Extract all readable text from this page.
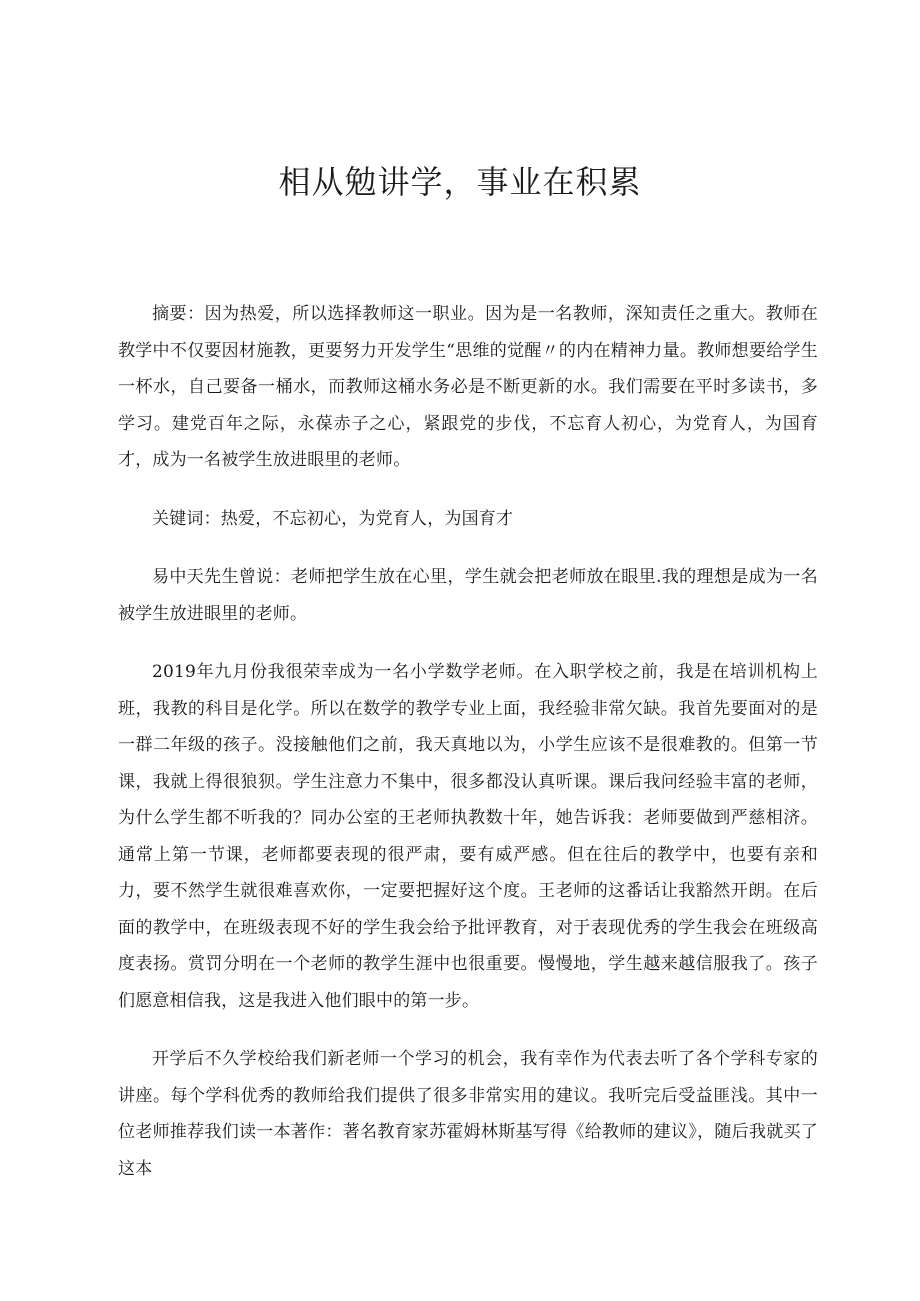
相从勉讲学，事业在积累

摘要：因为热爱，所以选择教师这一职业。因为是一名教师，深知责任之重大。教师在教学中不仅要因材施教，更要努力开发学生“思维的觉醒〃的内在精神力量。教师想要给学生一杯水，自己要备一桶水，而教师这桶水务必是不断更新的水。我们需要在平时多读书，多学习。建党百年之际，永葆赤子之心，紧跟党的步伐，不忘育人初心，为党育人，为国育才，成为一名被学生放进眼里的老师。

关键词：热爱，不忘初心，为党育人，为国育才

易中天先生曾说：老师把学生放在心里，学生就会把老师放在眼里.我的理想是成为一名被学生放进眼里的老师。

2019年九月份我很荣幸成为一名小学数学老师。在入职学校之前，我是在培训机构上班，我教的科目是化学。所以在数学的教学专业上面，我经验非常欠缺。我首先要面对的是一群二年级的孩子。没接触他们之前，我天真地以为，小学生应该不是很难教的。但第一节课，我就上得很狼狈。学生注意力不集中，很多都没认真听课。课后我问经验丰富的老师，为什么学生都不听我的？同办公室的王老师执教数十年，她告诉我：老师要做到严慈相济。通常上第一节课，老师都要表现的很严肃，要有威严感。但在往后的教学中，也要有亲和力，要不然学生就很难喜欢你，一定要把握好这个度。王老师的这番话让我豁然开朗。在后面的教学中，在班级表现不好的学生我会给予批评教育，对于表现优秀的学生我会在班级高度表扬。赏罚分明在一个老师的教学生涯中也很重要。慢慢地，学生越来越信服我了。孩子们愿意相信我，这是我进入他们眼中的第一步。

开学后不久学校给我们新老师一个学习的机会，我有幸作为代表去听了各个学科专家的讲座。每个学科优秀的教师给我们提供了很多非常实用的建议。我听完后受益匪浅。其中一位老师推荐我们读一本著作：著名教育家苏霍姆林斯基写得《给教师的建议》，随后我就买了这本
